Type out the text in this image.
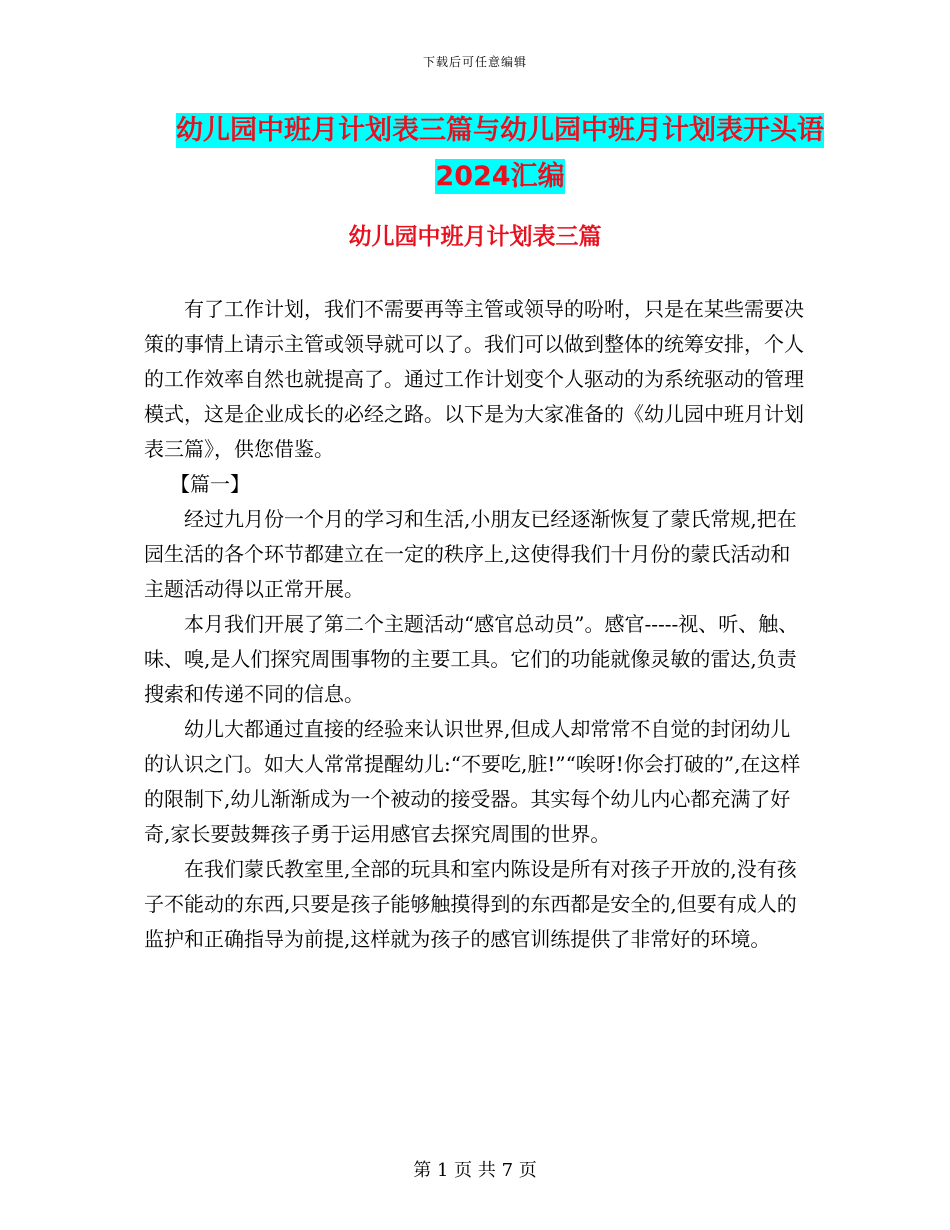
下载后可任意编辑
幼儿园中班月计划表三篇与幼儿园中班月计划表开头语2024汇编
幼儿园中班月计划表三篇

有了工作计划，我们不需要再等主管或领导的吩咐，只是在某些需要决策的事情上请示主管或领导就可以了。我们可以做到整体的统筹安排，个人的工作效率自然也就提高了。通过工作计划变个人驱动的为系统驱动的管理模式，这是企业成长的必经之路。以下是为大家准备的《幼儿园中班月计划表三篇》，供您借鉴。

【篇一】

经过九月份一个月的学习和生活,小朋友已经逐渐恢复了蒙氏常规,把在园生活的各个环节都建立在一定的秩序上,这使得我们十月份的蒙氏活动和主题活动得以正常开展。

本月我们开展了第二个主题活动“感官总动员”。感官-----视、听、触、味、嗅,是人们探究周围事物的主要工具。它们的功能就像灵敏的雷达,负责搜索和传递不同的信息。

幼儿大都通过直接的经验来认识世界,但成人却常常不自觉的封闭幼儿的认识之门。如大人常常提醒幼儿:“不要吃,脏!”“唉呀!你会打破的”,在这样的限制下,幼儿渐渐成为一个被动的接受器。其实每个幼儿内心都充满了好奇,家长要鼓舞孩子勇于运用感官去探究周围的世界。

在我们蒙氏教室里,全部的玩具和室内陈设是所有对孩子开放的,没有孩子不能动的东西,只要是孩子能够触摸得到的东西都是安全的,但要有成人的监护和正确指导为前提,这样就为孩子的感官训练提供了非常好的环境。

第 1 页 共 7 页
